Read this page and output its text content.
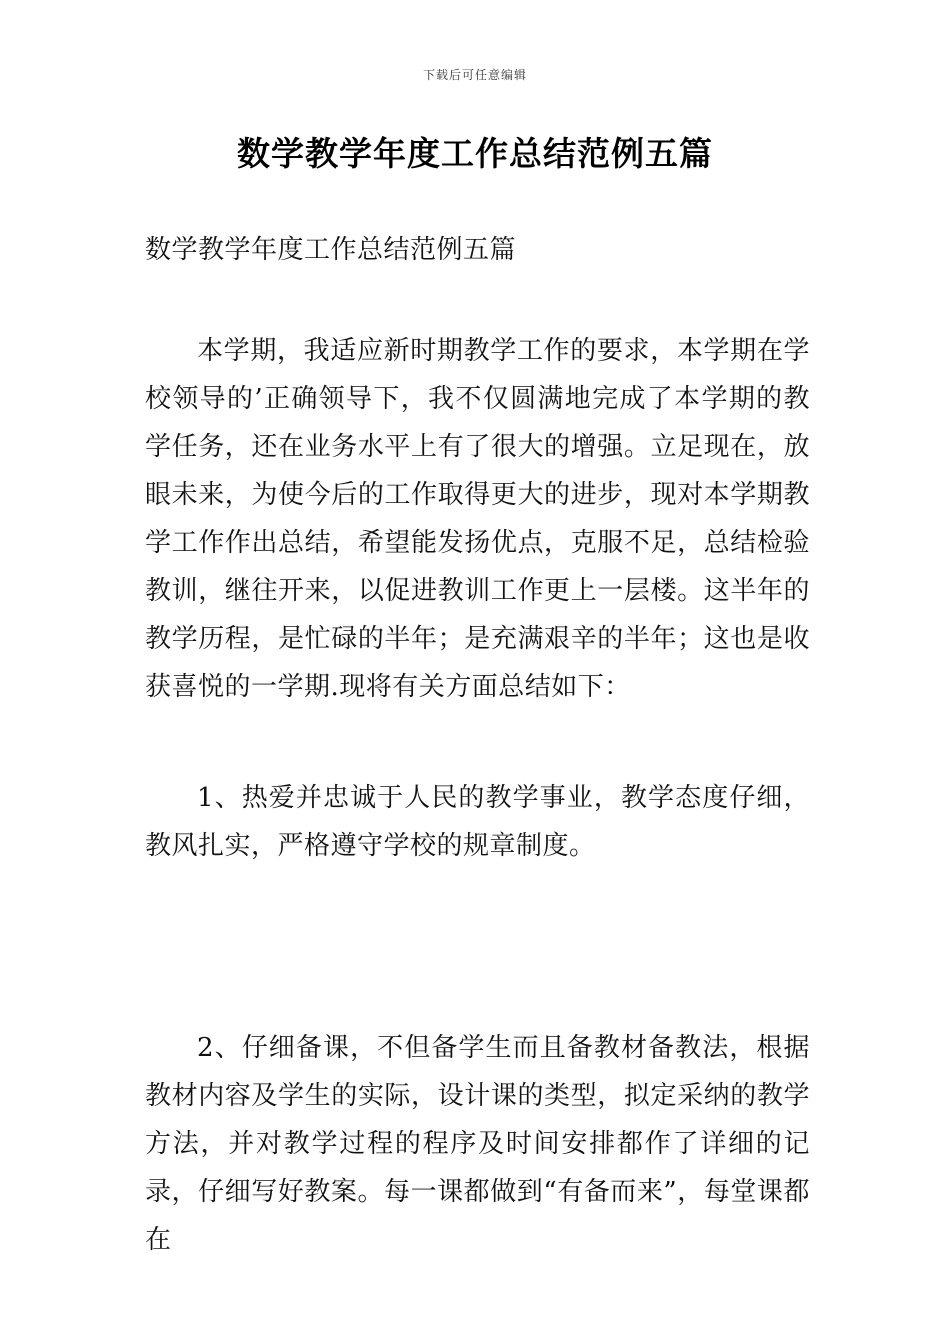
下载后可任意编辑
数学教学年度工作总结范例五篇

数学教学年度工作总结范例五篇

本学期，我适应新时期教学工作的要求，本学期在学校领导的’正确领导下，我不仅圆满地完成了本学期的教学任务，还在业务水平上有了很大的增强。立足现在，放眼未来，为使今后的工作取得更大的进步，现对本学期教学工作作出总结，希望能发扬优点，克服不足，总结检验教训，继往开来，以促进教训工作更上一层楼。这半年的教学历程，是忙碌的半年；是充满艰辛的半年；这也是收获喜悦的一学期.现将有关方面总结如下：

1、热爱并忠诚于人民的教学事业，教学态度仔细，教风扎实，严格遵守学校的规章制度。

2、仔细备课，不但备学生而且备教材备教法，根据教材内容及学生的实际，设计课的类型，拟定采纳的教学方法，并对教学过程的程序及时间安排都作了详细的记录，仔细写好教案。每一课都做到“有备而来”，每堂课都在
